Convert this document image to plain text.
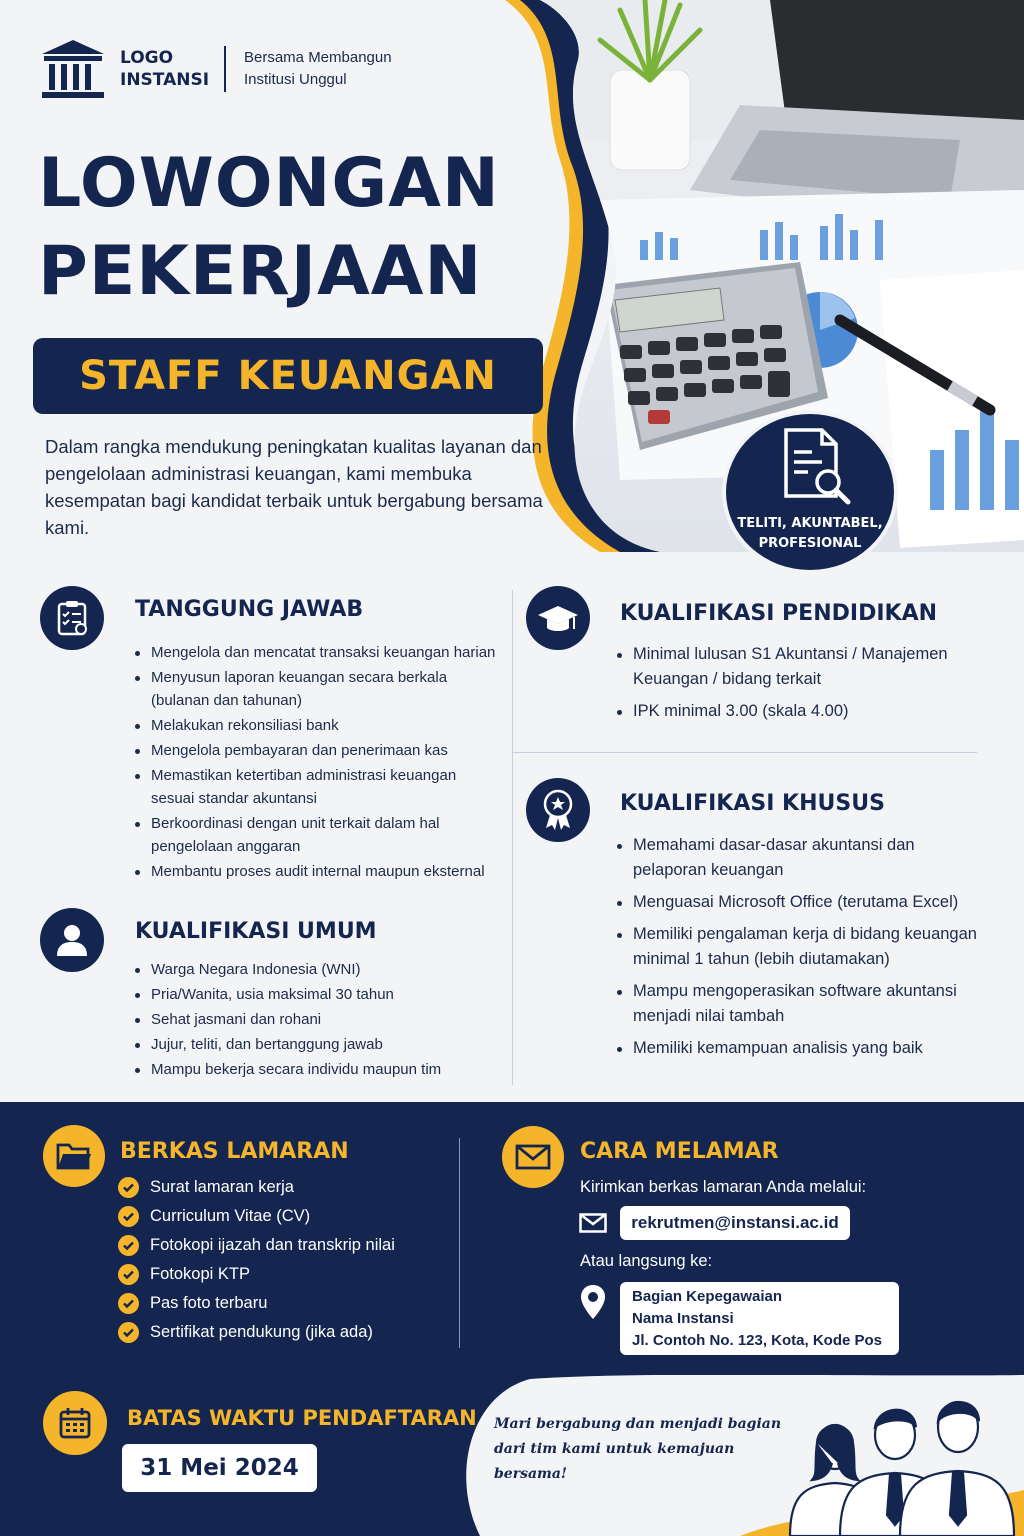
LOGO
INSTANSI
Bersama Membangun
Institusi Unggul
LOWONGAN
PEKERJAAN
STAFF KEUANGAN

Dalam rangka mendukung peningkatan kualitas layanan dan pengelolaan administrasi keuangan, kami membuka kesempatan bagi kandidat terbaik untuk bergabung bersama kami.	TELITI, AKUNTABEL,
PROFESIONAL
TANGGUNG JAWAB
Mengelola dan mencatat transaksi keuangan harian
Menyusun laporan keuangan secara berkala (bulanan dan tahunan)
Melakukan rekonsiliasi bank
Mengelola pembayaran dan penerimaan kas
Memastikan ketertiban administrasi keuangan sesuai standar akuntansi
Berkoordinasi dengan unit terkait dalam hal pengelolaan anggaran
Membantu proses audit internal maupun eksternal
KUALIFIKASI UMUM
Warga Negara Indonesia (WNI)
Pria/Wanita, usia maksimal 30 tahun
Sehat jasmani dan rohani
Jujur, teliti, dan bertanggung jawab
Mampu bekerja secara individu maupun tim
KUALIFIKASI PENDIDIKAN
Minimal lulusan S1 Akuntansi / Manajemen Keuangan / bidang terkait
IPK minimal 3.00 (skala 4.00)
KUALIFIKASI KHUSUS
Memahami dasar-dasar akuntansi dan pelaporan keuangan
Menguasai Microsoft Office (terutama Excel)
Memiliki pengalaman kerja di bidang keuangan minimal 1 tahun (lebih diutamakan)
Mampu mengoperasikan software akuntansi menjadi nilai tambah
Memiliki kemampuan analisis yang baik
BERKAS LAMARAN
Surat lamaran kerja
Curriculum Vitae (CV)
Fotokopi ijazah dan transkrip nilai
Fotokopi KTP
Pas foto terbaru
Sertifikat pendukung (jika ada)
CARA MELAMAR
Kirimkan berkas lamaran Anda melalui:
rekrutmen@instansi.ac.id
Atau langsung ke:
Bagian Kepegawaian
Nama Instansi
Jl. Contoh No. 123, Kota, Kode Pos
BATAS WAKTU PENDAFTARAN
31 Mei 2024
Mari bergabung dan menjadi bagian
dari tim kami untuk kemajuan bersama!
